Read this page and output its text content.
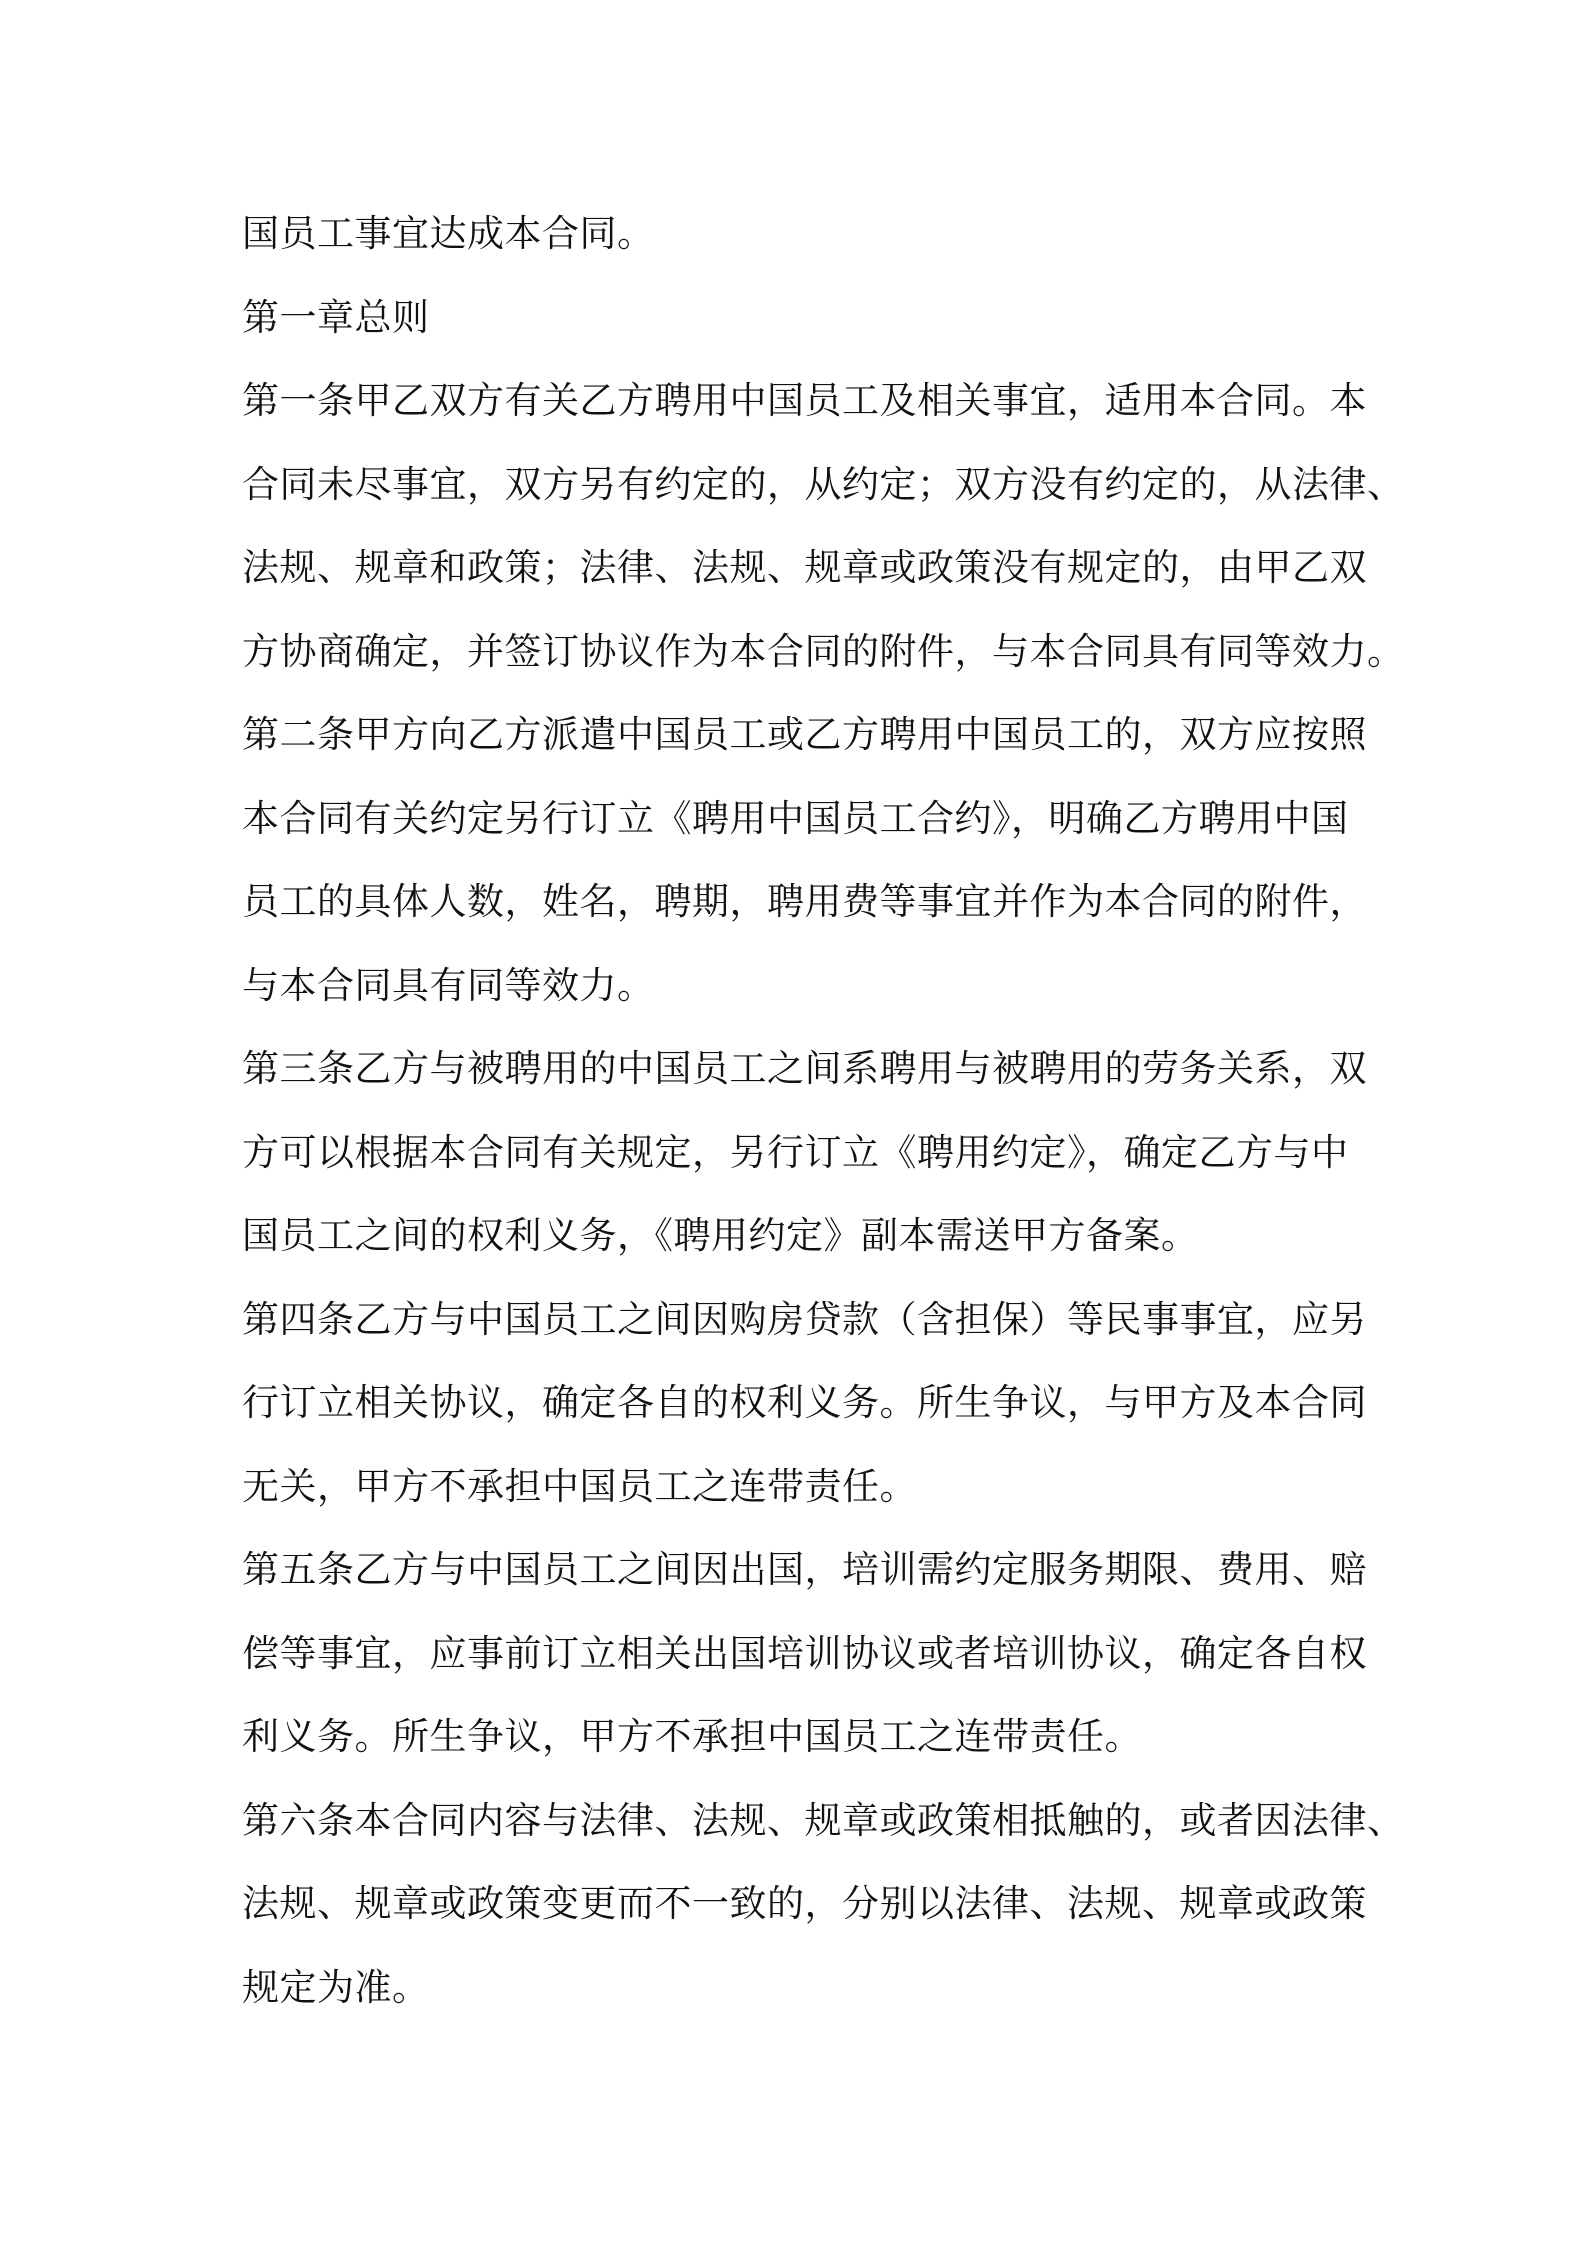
国员工事宜达成本合同。
第一章总则
第一条甲乙双方有关乙方聘用中国员工及相关事宜，适用本合同。本
合同未尽事宜，双方另有约定的，从约定；双方没有约定的，从法律、
法规、规章和政策；法律、法规、规章或政策没有规定的，由甲乙双
方协商确定，并签订协议作为本合同的附件，与本合同具有同等效力。
第二条甲方向乙方派遣中国员工或乙方聘用中国员工的，双方应按照
本合同有关约定另行订立《聘用中国员工合约》，明确乙方聘用中国
员工的具体人数，姓名，聘期，聘用费等事宜并作为本合同的附件，
与本合同具有同等效力。
第三条乙方与被聘用的中国员工之间系聘用与被聘用的劳务关系，双
方可以根据本合同有关规定，另行订立《聘用约定》，确定乙方与中
国员工之间的权利义务，《聘用约定》副本需送甲方备案。
第四条乙方与中国员工之间因购房贷款（含担保）等民事事宜，应另
行订立相关协议，确定各自的权利义务。所生争议，与甲方及本合同
无关，甲方不承担中国员工之连带责任。
第五条乙方与中国员工之间因出国，培训需约定服务期限、费用、赔
偿等事宜，应事前订立相关出国培训协议或者培训协议，确定各自权
利义务。所生争议，甲方不承担中国员工之连带责任。
第六条本合同内容与法律、法规、规章或政策相抵触的，或者因法律、
法规、规章或政策变更而不一致的，分别以法律、法规、规章或政策
规定为准。
